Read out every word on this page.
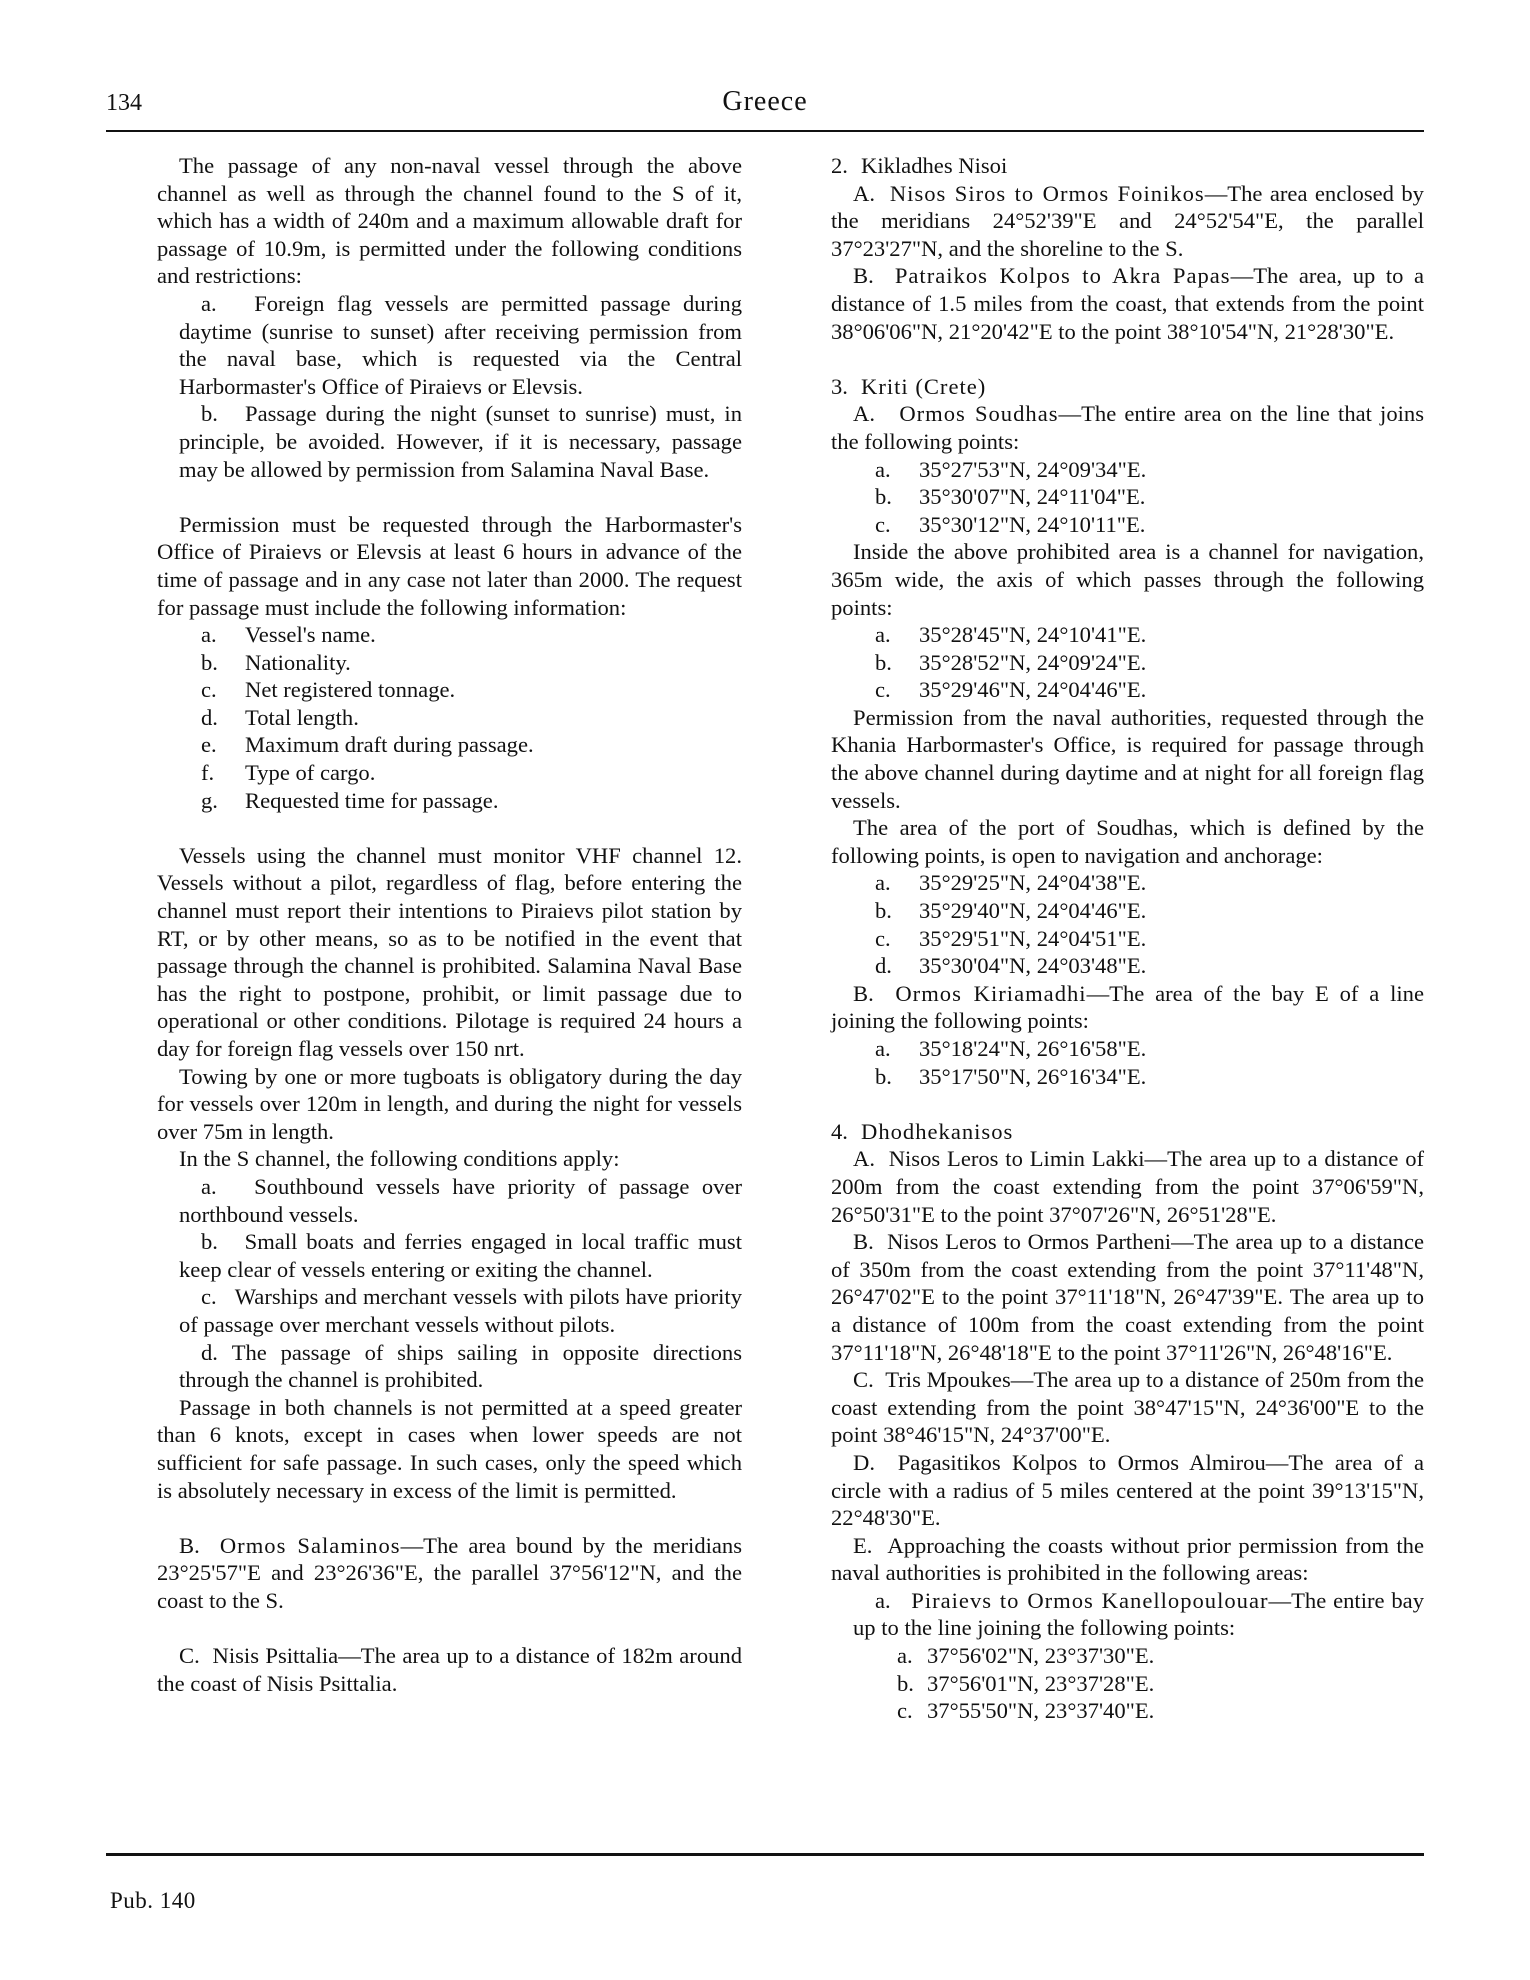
134	Greece

The passage of any non-naval vessel through the above channel as well as through the channel found to the S of it, which has a width of 240m and a maximum allowable draft for passage of 10.9m, is permitted under the following conditions and restrictions:

a. Foreign flag vessels are permitted passage during daytime (sunrise to sunset) after receiving permission from the naval base, which is requested via the Central Harbormaster's Office of Piraievs or Elevsis.

b. Passage during the night (sunset to sunrise) must, in principle, be avoided. However, if it is necessary, passage may be allowed by permission from Salamina Naval Base.

Permission must be requested through the Harbormaster's Office of Piraievs or Elevsis at least 6 hours in advance of the time of passage and in any case not later than 2000. The request for passage must include the following information:

a.	Vessel's name.
b.	Nationality.
c.	Net registered tonnage.
d.	Total length.
e.	Maximum draft during passage.
f.	Type of cargo.
g.	Requested time for passage.

Vessels using the channel must monitor VHF channel 12. Vessels without a pilot, regardless of flag, before entering the channel must report their intentions to Piraievs pilot station by RT, or by other means, so as to be notified in the event that passage through the channel is prohibited. Salamina Naval Base has the right to postpone, prohibit, or limit passage due to operational or other conditions. Pilotage is required 24 hours a day for foreign flag vessels over 150 nrt.

Towing by one or more tugboats is obligatory during the day for vessels over 120m in length, and during the night for vessels over 75m in length.

In the S channel, the following conditions apply:

a. Southbound vessels have priority of passage over northbound vessels.

b. Small boats and ferries engaged in local traffic must keep clear of vessels entering or exiting the channel.

c. Warships and merchant vessels with pilots have priority of passage over merchant vessels without pilots.

d. The passage of ships sailing in opposite directions through the channel is prohibited.

Passage in both channels is not permitted at a speed greater than 6 knots, except in cases when lower speeds are not sufficient for safe passage. In such cases, only the speed which is absolutely necessary in excess of the limit is permitted.

B. Ormos Salaminos—The area bound by the meridians 23°25'57"E and 23°26'36"E, the parallel 37°56'12"N, and the coast to the S.

C. Nisis Psittalia—The area up to a distance of 182m around the coast of Nisis Psittalia.

2. Kikladhes Nisoi

A. Nisos Siros to Ormos Foinikos—The area enclosed by the meridians 24°52'39"E and 24°52'54"E, the parallel 37°23'27"N, and the shoreline to the S.

B. Patraikos Kolpos to Akra Papas—The area, up to a distance of 1.5 miles from the coast, that extends from the point 38°06'06"N, 21°20'42"E to the point 38°10'54"N, 21°28'30"E.

3. Kriti (Crete)

A. Ormos Soudhas—The entire area on the line that joins the following points:

a.	35°27'53"N, 24°09'34"E.
b.	35°30'07"N, 24°11'04"E.
c.	35°30'12"N, 24°10'11"E.

Inside the above prohibited area is a channel for navigation, 365m wide, the axis of which passes through the following points:

a.	35°28'45"N, 24°10'41"E.
b.	35°28'52"N, 24°09'24"E.
c.	35°29'46"N, 24°04'46"E.

Permission from the naval authorities, requested through the Khania Harbormaster's Office, is required for passage through the above channel during daytime and at night for all foreign flag vessels.

The area of the port of Soudhas, which is defined by the following points, is open to navigation and anchorage:

a.	35°29'25"N, 24°04'38"E.
b.	35°29'40"N, 24°04'46"E.
c.	35°29'51"N, 24°04'51"E.
d.	35°30'04"N, 24°03'48"E.

B. Ormos Kiriamadhi—The area of the bay E of a line joining the following points:

a.	35°18'24"N, 26°16'58"E.
b.	35°17'50"N, 26°16'34"E.

4. Dhodhekanisos

A. Nisos Leros to Limin Lakki—The area up to a distance of 200m from the coast extending from the point 37°06'59"N, 26°50'31"E to the point 37°07'26"N, 26°51'28"E.

B. Nisos Leros to Ormos Partheni—The area up to a distance of 350m from the coast extending from the point 37°11'48"N, 26°47'02"E to the point 37°11'18"N, 26°47'39"E. The area up to a distance of 100m from the coast extending from the point 37°11'18"N, 26°48'18"E to the point 37°11'26"N, 26°48'16"E.

C. Tris Mpoukes—The area up to a distance of 250m from the coast extending from the point 38°47'15"N, 24°36'00"E to the point 38°46'15"N, 24°37'00"E.

D. Pagasitikos Kolpos to Ormos Almirou—The area of a circle with a radius of 5 miles centered at the point 39°13'15"N, 22°48'30"E.

E. Approaching the coasts without prior permission from the naval authorities is prohibited in the following areas:

a. Piraievs to Ormos Kanellopoulouar—The entire bay up to the line joining the following points:

a. 37°56'02"N, 23°37'30"E.
b. 37°56'01"N, 23°37'28"E.
c. 37°55'50"N, 23°37'40"E.
Pub. 140
